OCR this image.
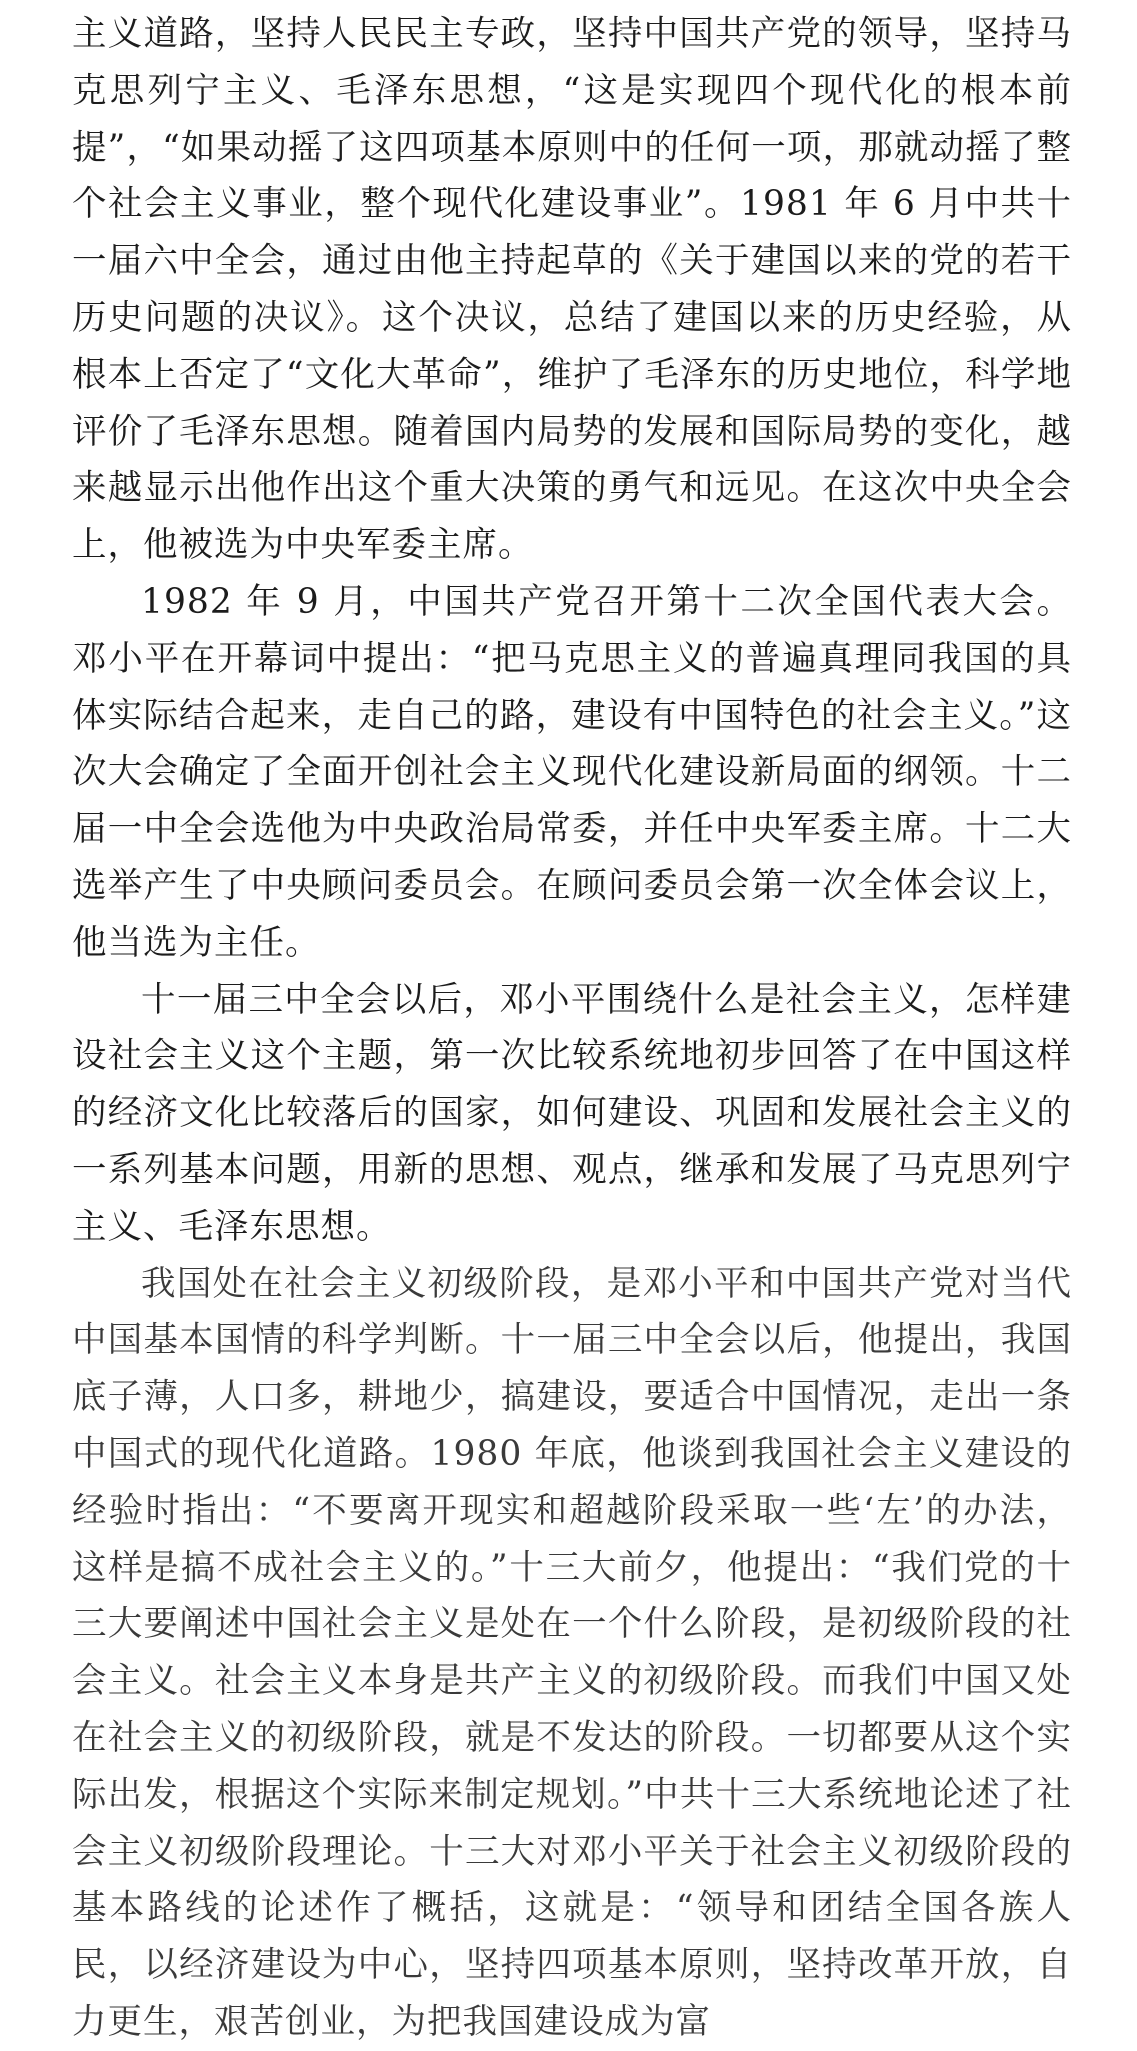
主义道路，坚持人民民主专政，坚持中国共产党的领导，坚持马克思列宁主义、毛泽东思想，“这是实现四个现代化的根本前提”，“如果动摇了这四项基本原则中的任何一项，那就动摇了整个社会主义事业，整个现代化建设事业”。1981 年 6 月中共十一届六中全会，通过由他主持起草的《关于建国以来的党的若干历史问题的决议》。这个决议，总结了建国以来的历史经验，从根本上否定了“文化大革命”，维护了毛泽东的历史地位，科学地评价了毛泽东思想。随着国内局势的发展和国际局势的变化，越来越显示出他作出这个重大决策的勇气和远见。在这次中央全会上，他被选为中央军委主席。

1982 年 9 月，中国共产党召开第十二次全国代表大会。邓小平在开幕词中提出：“把马克思主义的普遍真理同我国的具体实际结合起来，走自己的路，建设有中国特色的社会主义。”这次大会确定了全面开创社会主义现代化建设新局面的纲领。十二届一中全会选他为中央政治局常委，并任中央军委主席。十二大选举产生了中央顾问委员会。在顾问委员会第一次全体会议上，他当选为主任。

十一届三中全会以后，邓小平围绕什么是社会主义，怎样建设社会主义这个主题，第一次比较系统地初步回答了在中国这样的经济文化比较落后的国家，如何建设、巩固和发展社会主义的一系列基本问题，用新的思想、观点，继承和发展了马克思列宁主义、毛泽东思想。

我国处在社会主义初级阶段，是邓小平和中国共产党对当代中国基本国情的科学判断。十一届三中全会以后，他提出，我国底子薄，人口多，耕地少，搞建设，要适合中国情况，走出一条中国式的现代化道路。1980 年底，他谈到我国社会主义建设的经验时指出：“不要离开现实和超越阶段采取一些‘左’的办法，这样是搞不成社会主义的。”十三大前夕，他提出：“我们党的十三大要阐述中国社会主义是处在一个什么阶段，是初级阶段的社会主义。社会主义本身是共产主义的初级阶段。而我们中国又处在社会主义的初级阶段，就是不发达的阶段。一切都要从这个实际出发，根据这个实际来制定规划。”中共十三大系统地论述了社会主义初级阶段理论。十三大对邓小平关于社会主义初级阶段的基本路线的论述作了概括，这就是：“领导和团结全国各族人民，以经济建设为中心，坚持四项基本原则，坚持改革开放，自力更生，艰苦创业，为把我国建设成为富
